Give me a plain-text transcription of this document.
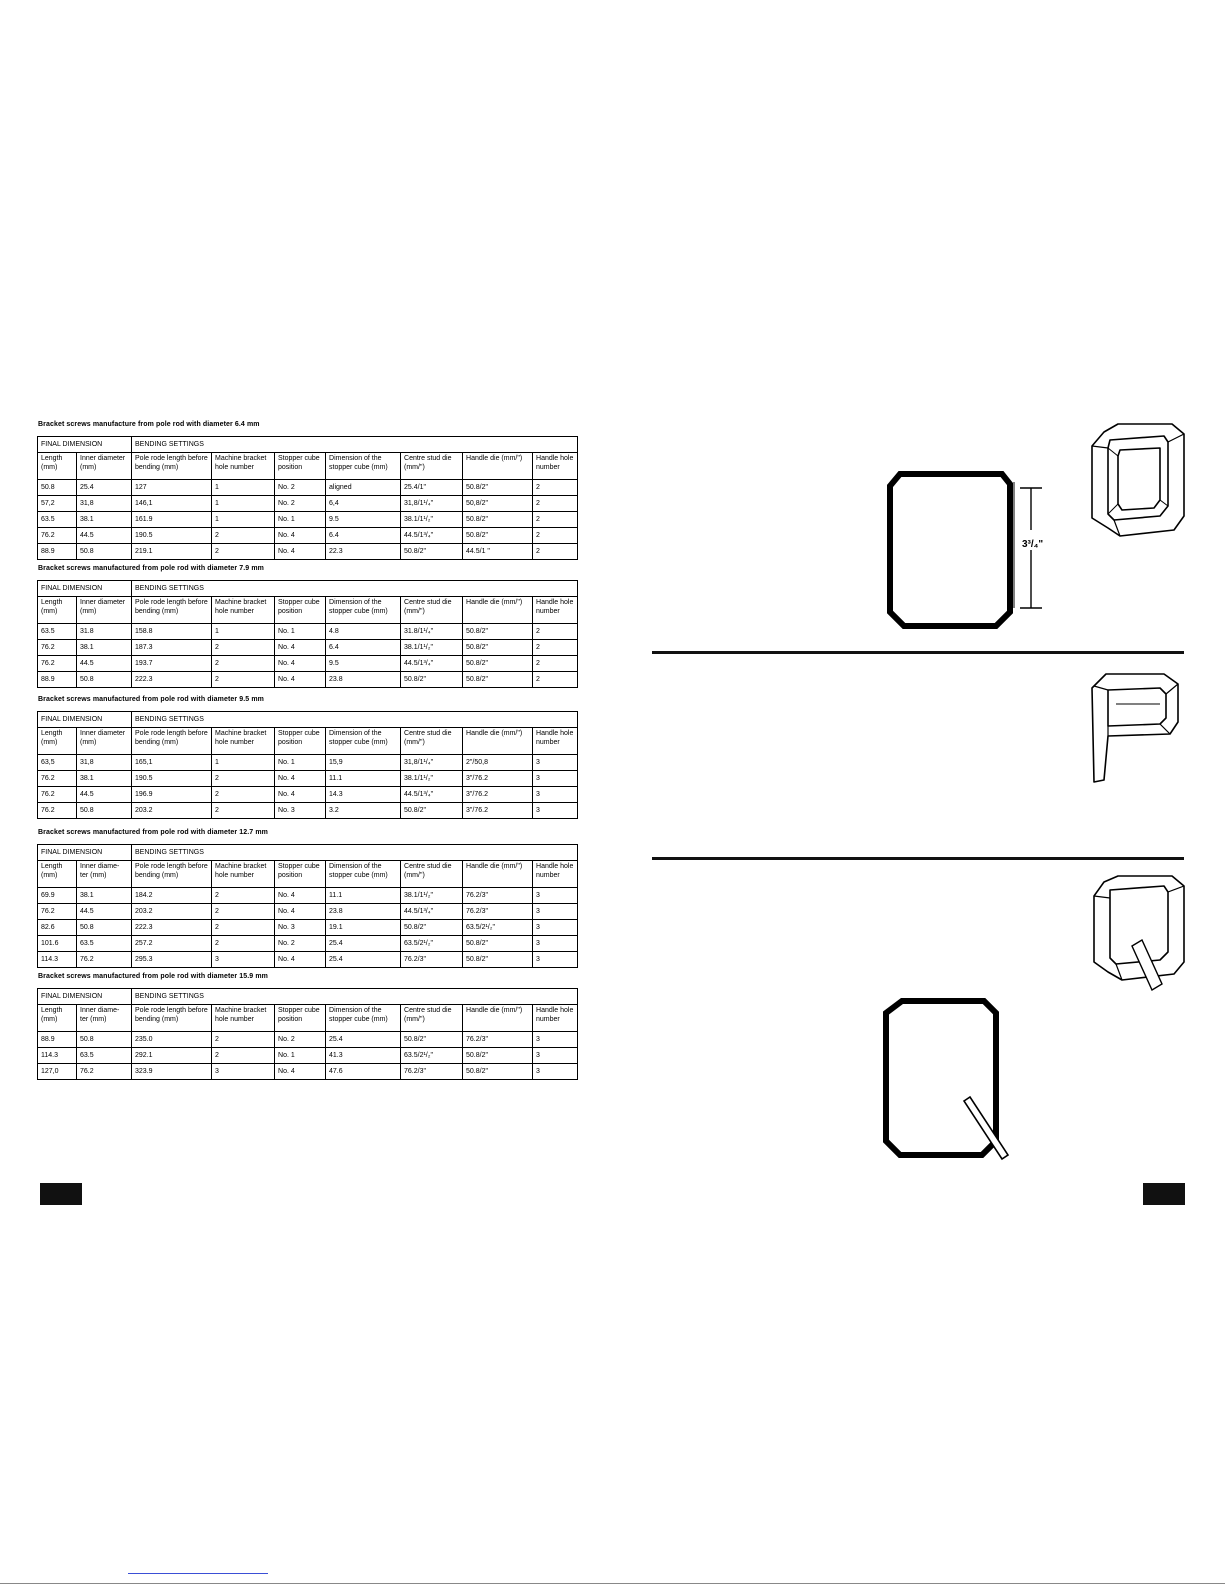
Bracket screws manufacture from pole rod with diameter 6.4 mm
FINAL DIMENSION		BENDING SETTINGS						
Length (mm)	Inner diameter (mm)	Pole rode length before bending (mm)	Machine bracket hole number	Stopper cube position	Dimension of the stopper cube (mm)	Centre stud die (mm/")	Handle die (mm/")	Handle hole number
50.8	25.4	127	1	No. 2	aligned	25.4/1"	50.8/2"	2
57,2	31,8	146,1	1	No. 2	6,4	31,8/1¹/₄"	50,8/2"	2
63.5	38.1	161.9	1	No. 1	9.5	38.1/1¹/₂"	50.8/2"	2
76.2	44.5	190.5	2	No. 4	6.4	44.5/1³/₄"	50.8/2"	2
88.9	50.8	219.1	2	No. 4	22.3	50.8/2"	44.5/1 "	2
Bracket screws manufactured from pole rod with diameter 7.9 mm
FINAL DIMENSION		BENDING SETTINGS						
Length (mm)	Inner diameter (mm)	Pole rode length before bending (mm)	Machine bracket hole number	Stopper cube position	Dimension of the stopper cube (mm)	Centre stud die (mm/")	Handle die (mm/")	Handle hole number
63.5	31.8	158.8	1	No. 1	4.8	31.8/1¹/₄"	50.8/2"	2
76.2	38.1	187.3	2	No. 4	6.4	38.1/1¹/₂"	50.8/2"	2
76.2	44.5	193.7	2	No. 4	9.5	44.5/1³/₄"	50.8/2"	2
88.9	50.8	222.3	2	No. 4	23.8	50.8/2"	50.8/2"	2
Bracket screws manufactured from pole rod with diameter 9.5 mm
FINAL DIMENSION		BENDING SETTINGS						
Length (mm)	Inner diameter (mm)	Pole rode length before bending (mm)	Machine bracket hole number	Stopper cube position	Dimension of the stopper cube (mm)	Centre stud die (mm/")	Handle die (mm/")	Handle hole number
63,5	31,8	165,1	1	No. 1	15,9	31,8/1¹/₄"	2"/50,8	3
76.2	38.1	190.5	2	No. 4	11.1	38.1/1¹/₂"	3"/76.2	3
76.2	44.5	196.9	2	No. 4	14.3	44.5/1³/₄"	3"/76.2	3
76.2	50.8	203.2	2	No. 3	3.2	50.8/2"	3"/76.2	3
Bracket screws manufactured from pole rod with diameter 12.7 mm
FINAL DIMENSION		BENDING SETTINGS						
Length (mm)	Inner diame- ter (mm)	Pole rode length before bending (mm)	Machine bracket hole number	Stopper cube position	Dimension of the stopper cube (mm)	Centre stud die (mm/")	Handle die (mm/")	Handle hole number
69.9	38.1	184.2	2	No. 4	11.1	38.1/1¹/₂"	76.2/3"	3
76.2	44.5	203.2	2	No. 4	23.8	44.5/1³/₄"	76.2/3"	3
82.6	50.8	222.3	2	No. 3	19.1	50.8/2"	63.5/2¹/₂"	3
101.6	63.5	257.2	2	No. 2	25.4	63.5/2¹/₂"	50.8/2"	3
114.3	76.2	295.3	3	No. 4	25.4	76.2/3"	50.8/2"	3
Bracket screws manufactured from pole rod with diameter 15.9 mm
FINAL DIMENSION		BENDING SETTINGS						
Length (mm)	Inner diame- ter (mm)	Pole rode length before bending (mm)	Machine bracket hole number	Stopper cube position	Dimension of the stopper cube (mm)	Centre stud die (mm/")	Handle die (mm/")	Handle hole number
88.9	50.8	235.0	2	No. 2	25.4	50.8/2"	76.2/3"	3
114.3	63.5	292.1	2	No. 1	41.3	63.5/2¹/₂"	50.8/2"	3
127,0	76.2	323.9	3	No. 4	47.6	76.2/3"	50.8/2"	3
3³/₄"
